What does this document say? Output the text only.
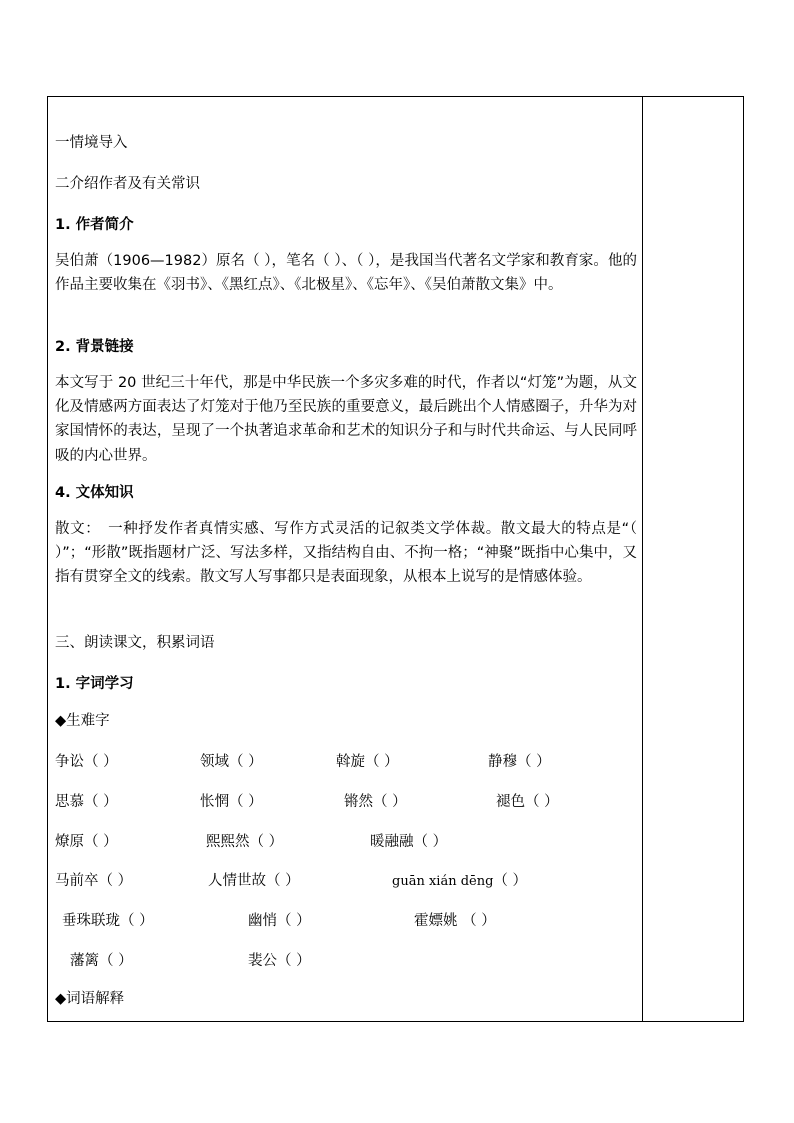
一情境导入
二介绍作者及有关常识
1. 作者简介
吴伯萧（1906—1982）原名（ ），笔名（ ）、（ ），是我国当代著名文学家和教育家。他的作品主要收集在《羽书》、《黑红点》、《北极星》、《忘年》、《吴伯萧散文集》中。
2. 背景链接
本文写于 20 世纪三十年代，那是中华民族一个多灾多难的时代，作者以“灯笼”为题，从文化及情感两方面表达了灯笼对于他乃至民族的重要意义，最后跳出个人情感圈子，升华为对家国情怀的表达，呈现了一个执著追求革命和艺术的知识分子和与时代共命运、与人民同呼吸的内心世界。
4. 文体知识
散文：　一种抒发作者真情实感、写作方式灵活的记叙类文学体裁。散文最大的特点是“（ ）”；“形散”既指题材广泛、写法多样，又指结构自由、不拘一格；“神聚”既指中心集中，又指有贯穿全文的线索。散文写人写事都只是表面现象，从根本上说写的是情感体验。
三、朗读课文，积累词语
1. 字词学习
◆生难字
争讼（ ）	领域（ ）	斡旋（ ）	静穆（ ）
思慕（ ）	怅惘（ ）	锵然（ ）	褪色（ ）
燎原（ ）	熙熙然（ ）	暖融融（ ）
马前卒（ ）	人情世故（ ）	guān xián dēng（ ）
垂珠联珑（ ）	幽悄（ ）	霍嫖姚 （ ）
藩篱（ ）	裴公（ ）
◆词语解释
